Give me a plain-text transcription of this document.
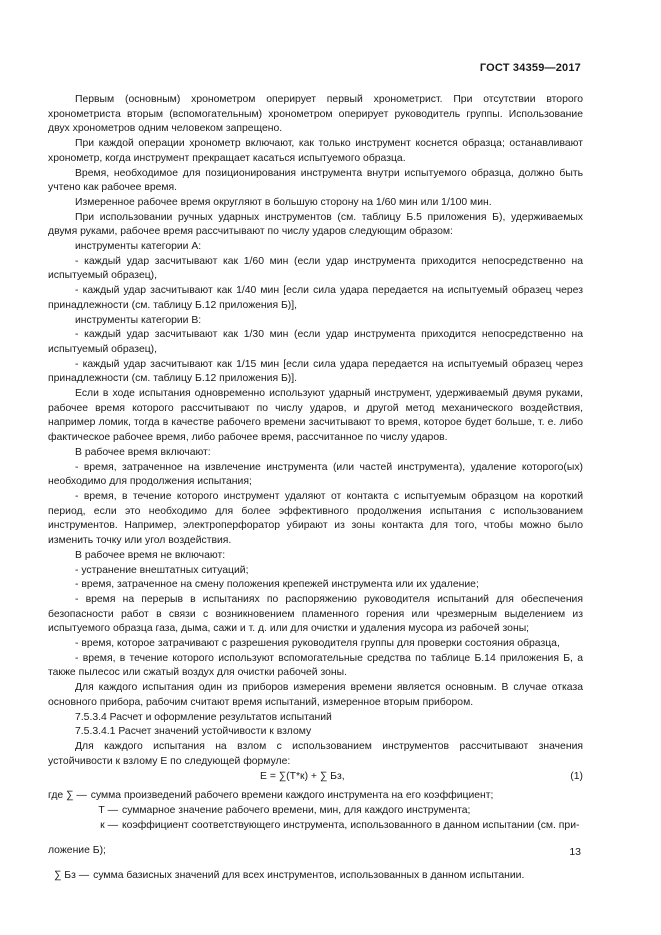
ГОСТ 34359—2017

Первым (основным) хронометром оперирует первый хронометрист. При отсутствии второго хронометриста вторым (вспомогательным) хронометром оперирует руководитель группы. Использование двух хронометров одним человеком запрещено.

При каждой операции хронометр включают, как только инструмент коснется образца; останавливают хронометр, когда инструмент прекращает касаться испытуемого образца.

Время, необходимое для позиционирования инструмента внутри испытуемого образца, должно быть учтено как рабочее время.

Измеренное рабочее время округляют в большую сторону на 1/60 мин или 1/100 мин.

При использовании ручных ударных инструментов (см. таблицу Б.5 приложения Б), удерживаемых двумя руками, рабочее время рассчитывают по числу ударов следующим образом:

инструменты категории А:

- каждый удар засчитывают как 1/60 мин (если удар инструмента приходится непосредственно на испытуемый образец),

- каждый удар засчитывают как 1/40 мин [если сила удара передается на испытуемый образец через принадлежности (см. таблицу Б.12 приложения Б)],

инструменты категории В:

- каждый удар засчитывают как 1/30 мин (если удар инструмента приходится непосредственно на испытуемый образец),

- каждый удар засчитывают как 1/15 мин [если сила удара передается на испытуемый образец через принадлежности (см. таблицу Б.12 приложения Б)].

Если в ходе испытания одновременно используют ударный инструмент, удерживаемый двумя руками, рабочее время которого рассчитывают по числу ударов, и другой метод механического воздействия, например ломик, тогда в качестве рабочего времени засчитывают то время, которое будет больше, т. е. либо фактическое рабочее время, либо рабочее время, рассчитанное по числу ударов.

В рабочее время включают:

- время, затраченное на извлечение инструмента (или частей инструмента), удаление которого(ых) необходимо для продолжения испытания;

- время, в течение которого инструмент удаляют от контакта с испытуемым образцом на короткий период, если это необходимо для более эффективного продолжения испытания с использованием инструментов. Например, электроперфоратор убирают из зоны контакта для того, чтобы можно было изменить точку или угол воздействия.

В рабочее время не включают:

- устранение внештатных ситуаций;

- время, затраченное на смену положения крепежей инструмента или их удаление;

- время на перерыв в испытаниях по распоряжению руководителя испытаний для обеспечения безопасности работ в связи с возникновением пламенного горения или чрезмерным выделением из испытуемого образца газа, дыма, сажи и т. д. или для очистки и удаления мусора из рабочей зоны;

- время, которое затрачивают с разрешения руководителя группы для проверки состояния образца,

- время, в течение которого используют вспомогательные средства по таблице Б.14 приложения Б, а также пылесос или сжатый воздух для очистки рабочей зоны.

Для каждого испытания один из приборов измерения времени является основным. В случае отказа основного прибора, рабочим считают время испытаний, измеренное вторым прибором.

7.5.3.4 Расчет и оформление результатов испытаний

7.5.3.4.1 Расчет значений устойчивости к взлому

Для каждого испытания на взлом с использованием инструментов рассчитывают значения устойчивости к взлому Е по следующей формуле:

Е = ∑(Т*к) + ∑ Бз,	(1)
где ∑ — сумма произведений рабочего времени каждого инструмента на его коэффициент;
Т — суммарное значение рабочего времени, мин, для каждого инструмента;
к — коэффициент соответствующего инструмента, использованного в данном испытании (см. при-

ложение Б);

∑ Бз — сумма базисных значений для всех инструментов, использованных в данном испытании.
13
